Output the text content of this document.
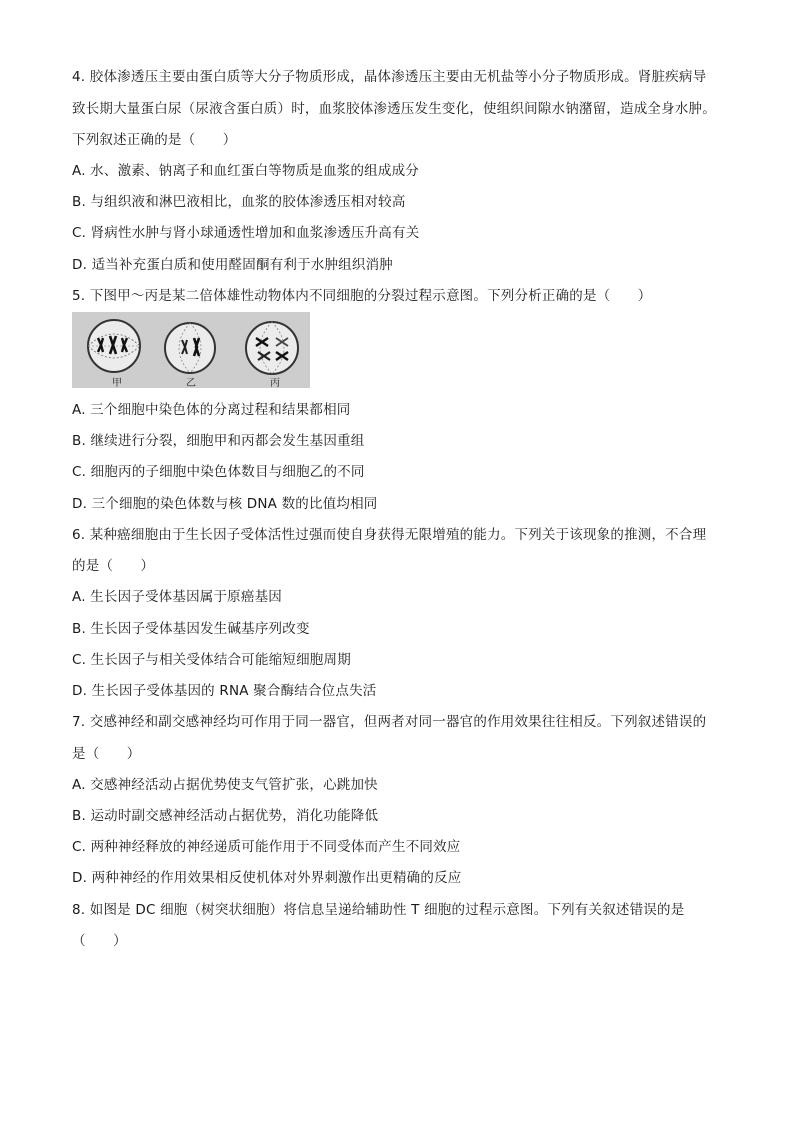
4. 胶体渗透压主要由蛋白质等大分子物质形成，晶体渗透压主要由无机盐等小分子物质形成。肾脏疾病导
致长期大量蛋白尿（尿液含蛋白质）时，血浆胶体渗透压发生变化，使组织间隙水钠潴留，造成全身水肿。
下列叙述正确的是（　　）
A. 水、激素、钠离子和血红蛋白等物质是血浆的组成成分
B. 与组织液和淋巴液相比，血浆的胶体渗透压相对较高
C. 肾病性水肿与肾小球通透性增加和血浆渗透压升高有关
D. 适当补充蛋白质和使用醛固酮有利于水肿组织消肿
5. 下图甲～丙是某二倍体雄性动物体内不同细胞的分裂过程示意图。下列分析正确的是（　　）
甲	乙	丙
A. 三个细胞中染色体的分离过程和结果都相同
B. 继续进行分裂，细胞甲和丙都会发生基因重组
C. 细胞丙的子细胞中染色体数目与细胞乙的不同
D. 三个细胞的染色体数与核 DNA 数的比值均相同
6. 某种癌细胞由于生长因子受体活性过强而使自身获得无限增殖的能力。下列关于该现象的推测，不合理
的是（　　）
A. 生长因子受体基因属于原癌基因
B. 生长因子受体基因发生碱基序列改变
C. 生长因子与相关受体结合可能缩短细胞周期
D. 生长因子受体基因的 RNA 聚合酶结合位点失活
7. 交感神经和副交感神经均可作用于同一器官，但两者对同一器官的作用效果往往相反。下列叙述错误的
是（　　）
A. 交感神经活动占据优势使支气管扩张，心跳加快
B. 运动时副交感神经活动占据优势，消化功能降低
C. 两种神经释放的神经递质可能作用于不同受体而产生不同效应
D. 两种神经的作用效果相反使机体对外界刺激作出更精确的反应
8. 如图是 DC 细胞（树突状细胞）将信息呈递给辅助性 T 细胞的过程示意图。下列有关叙述错误的是
（　　）
